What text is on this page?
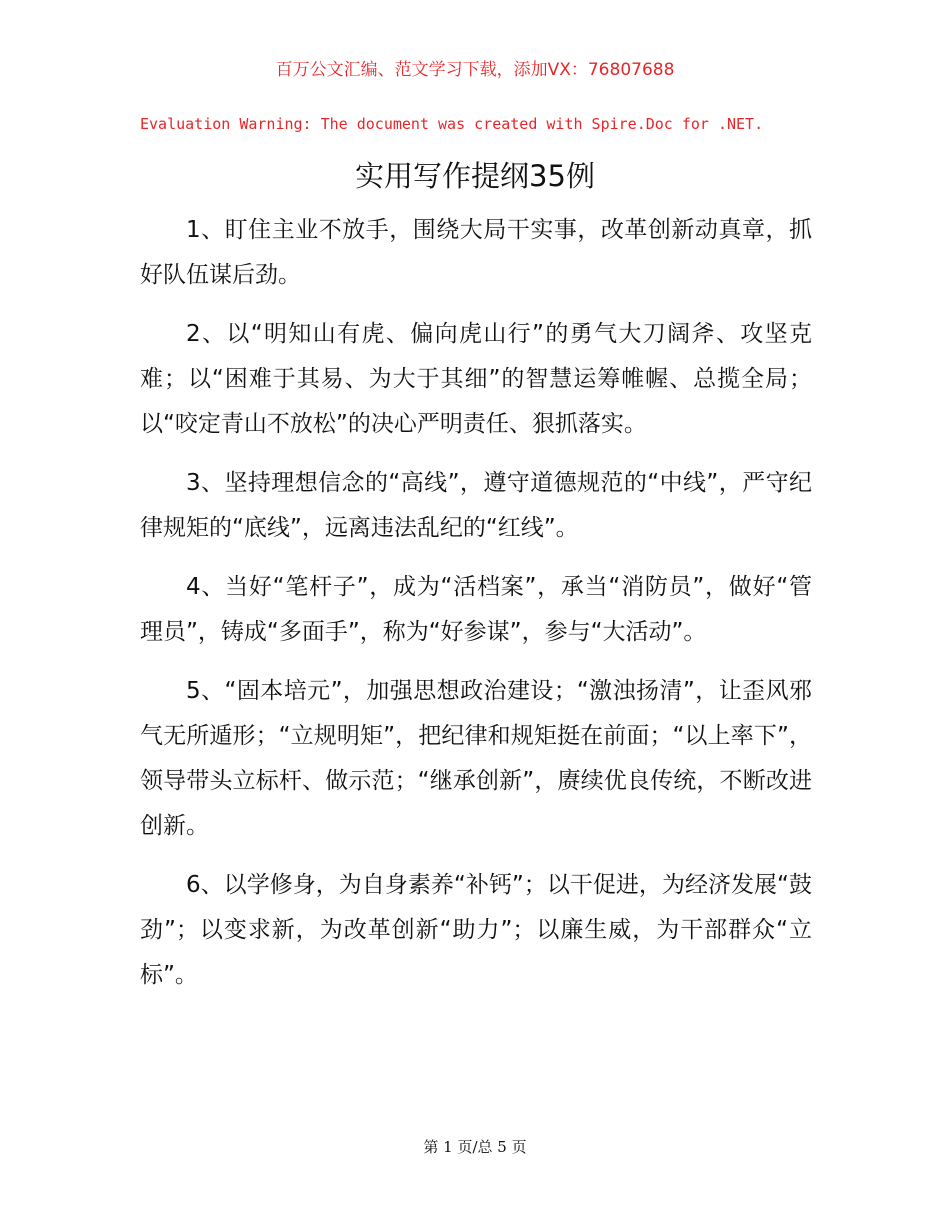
百万公文汇编、范文学习下载，添加VX：76807688
Evaluation Warning: The document was created with Spire.Doc for .NET.
实用写作提纲35例

1、盯住主业不放手，围绕大局干实事，改革创新动真章，抓好队伍谋后劲。

2、以“明知山有虎、偏向虎山行”的勇气大刀阔斧、攻坚克难；以“困难于其易、为大于其细”的智慧运筹帷幄、总揽全局；以“咬定青山不放松”的决心严明责任、狠抓落实。

3、坚持理想信念的“高线”，遵守道德规范的“中线”，严守纪律规矩的“底线”，远离违法乱纪的“红线”。

4、当好“笔杆子”，成为“活档案”，承当“消防员”，做好“管理员”，铸成“多面手”，称为“好参谋”，参与“大活动”。

5、“固本培元”，加强思想政治建设；“激浊扬清”，让歪风邪气无所遁形；“立规明矩”，把纪律和规矩挺在前面；“以上率下”，领导带头立标杆、做示范；“继承创新”，赓续优良传统，不断改进创新。

6、以学修身，为自身素养“补钙”；以干促进，为经济发展“鼓劲”；以变求新，为改革创新“助力”；以廉生威，为干部群众“立标”。

第 1 页/总 5 页
